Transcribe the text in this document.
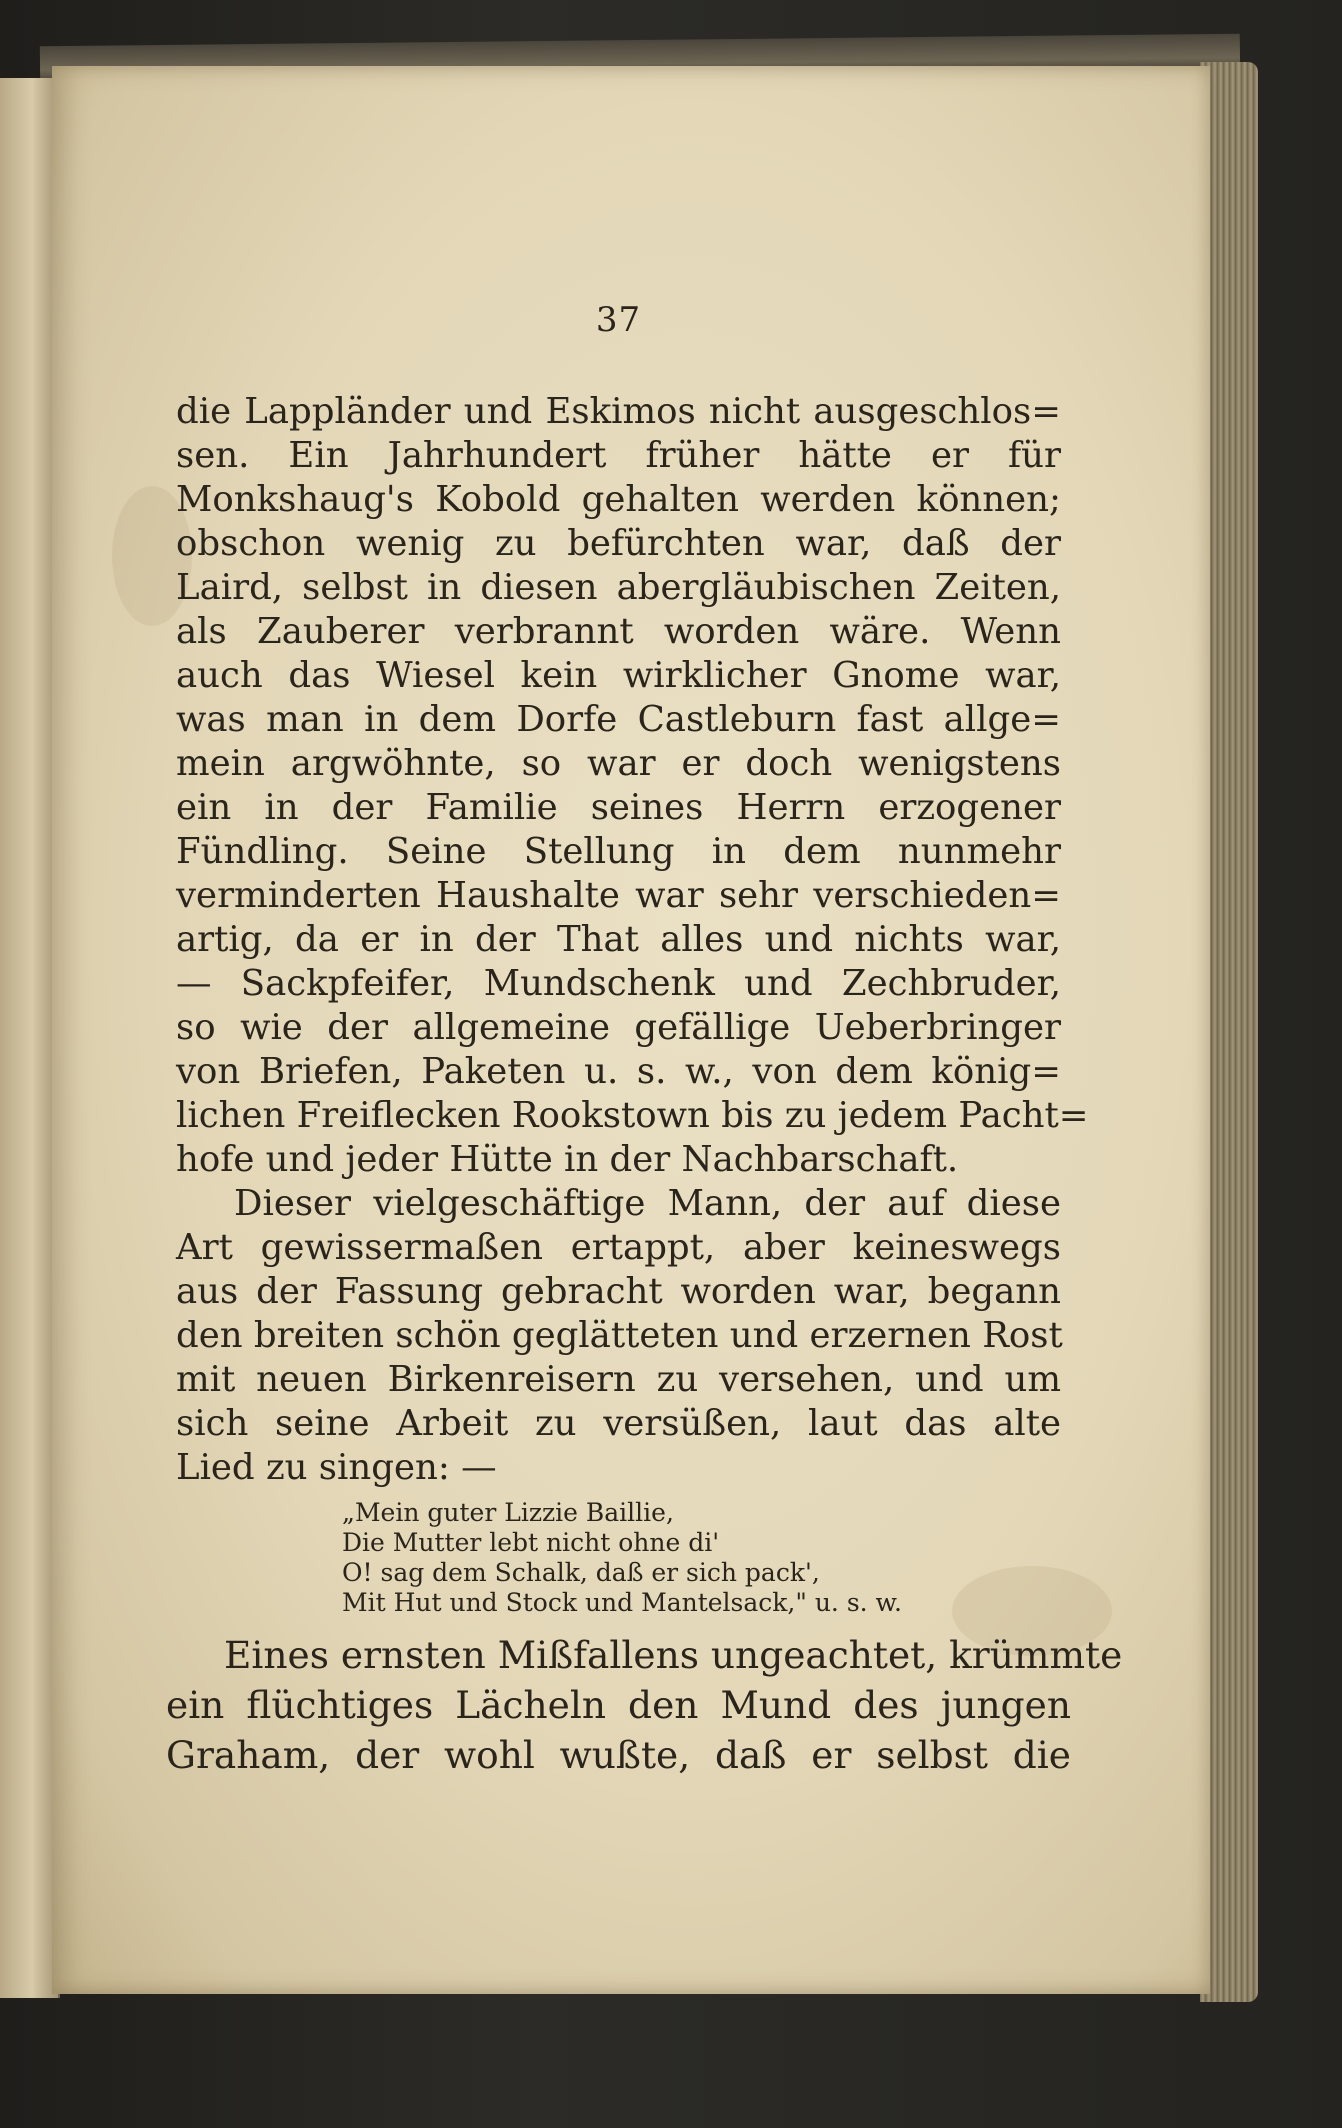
37
die Lappländer und Eskimos nicht ausgeschlos=
sen. Ein Jahrhundert früher hätte er für
Monkshaug's Kobold gehalten werden können;
obschon wenig zu befürchten war, daß der
Laird, selbst in diesen abergläubischen Zeiten,
als Zauberer verbrannt worden wäre. Wenn
auch das Wiesel kein wirklicher Gnome war,
was man in dem Dorfe Castleburn fast allge=
mein argwöhnte, so war er doch wenigstens
ein in der Familie seines Herrn erzogener
Fündling. Seine Stellung in dem nunmehr
verminderten Haushalte war sehr verschieden=
artig, da er in der That alles und nichts war,
— Sackpfeifer, Mundschenk und Zechbruder,
so wie der allgemeine gefällige Ueberbringer
von Briefen, Paketen u. s. w., von dem könig=
lichen Freiflecken Rookstown bis zu jedem Pacht=
hofe und jeder Hütte in der Nachbarschaft.
Dieser vielgeschäftige Mann, der auf diese
Art gewissermaßen ertappt, aber keineswegs
aus der Fassung gebracht worden war, begann
den breiten schön geglätteten und erzernen Rost
mit neuen Birkenreisern zu versehen, und um
sich seine Arbeit zu versüßen, laut das alte
Lied zu singen: —
„Mein guter Lizzie Baillie,
Die Mutter lebt nicht ohne di'
O! sag dem Schalk, daß er sich pack',
Mit Hut und Stock und Mantelsack," u. s. w.
Eines ernsten Mißfallens ungeachtet, krümmte
ein flüchtiges Lächeln den Mund des jungen
Graham, der wohl wußte, daß er selbst die
